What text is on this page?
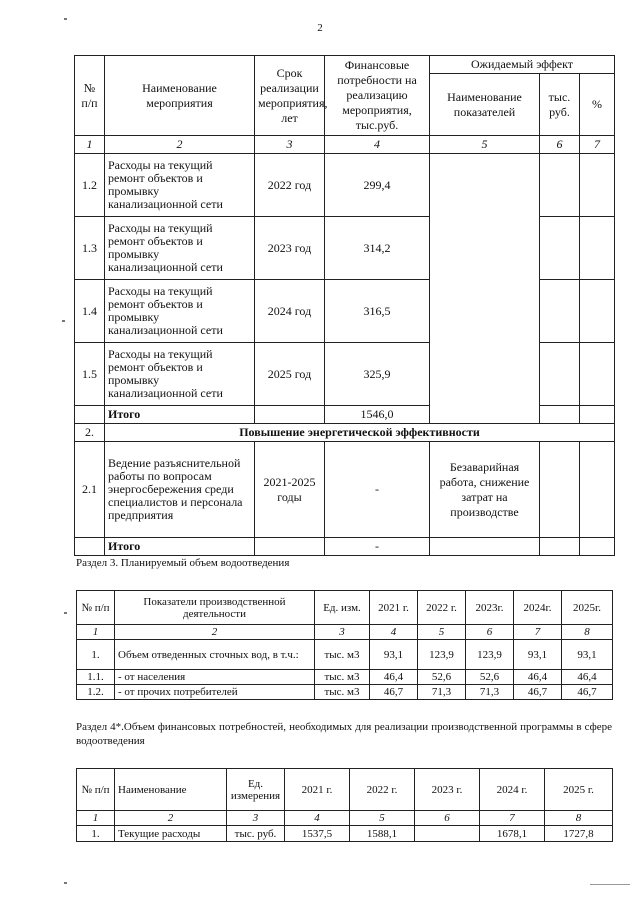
2
№ п/п	Наименование мероприятия	Срок реализации мероприятия, лет	Финансовые потребности на реализацию мероприятия, тыс.руб.	Ожидаемый эффект		
				Наименование показателей	тыс. руб.	%
1	2	3	4	5	6	7
1.2	Расходы на текущий ремонт объектов и промывку канализационной сети	2022 год	299,4			
1.3	Расходы на текущий ремонт объектов и промывку канализационной сети	2023 год	314,2			
1.4	Расходы на текущий ремонт объектов и промывку канализационной сети	2024 год	316,5			
1.5	Расходы на текущий ремонт объектов и промывку канализационной сети	2025 год	325,9			
	Итого		1546,0			
2.	Повышение энергетической эффективности					
2.1	Ведение разъяснительной работы по вопросам энергосбережения среди специалистов и персонала предприятия	2021-2025 годы	-	Безаварийная работа, снижение затрат на производстве		
	Итого		-			
Раздел 3. Планируемый объем водоотведения
№ п/п	Показатели производственной деятельности	Ед. изм.	2021 г.	2022 г.	2023г.	2024г.	2025г.
1	2	3	4	5	6	7	8
1.	Объем отведенных сточных вод, в т.ч.:	тыс. м3	93,1	123,9	123,9	93,1	93,1
1.1.	- от населения	тыс. м3	46,4	52,6	52,6	46,4	46,4
1.2.	- от прочих потребителей	тыс. м3	46,7	71,3	71,3	46,7	46,7
Раздел 4*.Объем финансовых потребностей, необходимых для реализации производственной программы в сфере водоотведения
№ п/п	Наименование	Ед. измерения	2021 г.	2022 г.	2023 г.	2024 г.	2025 г.
1	2	3	4	5	6	7	8
1.	Текущие расходы	тыс. руб.	1537,5	1588,1		1678,1	1727,8
